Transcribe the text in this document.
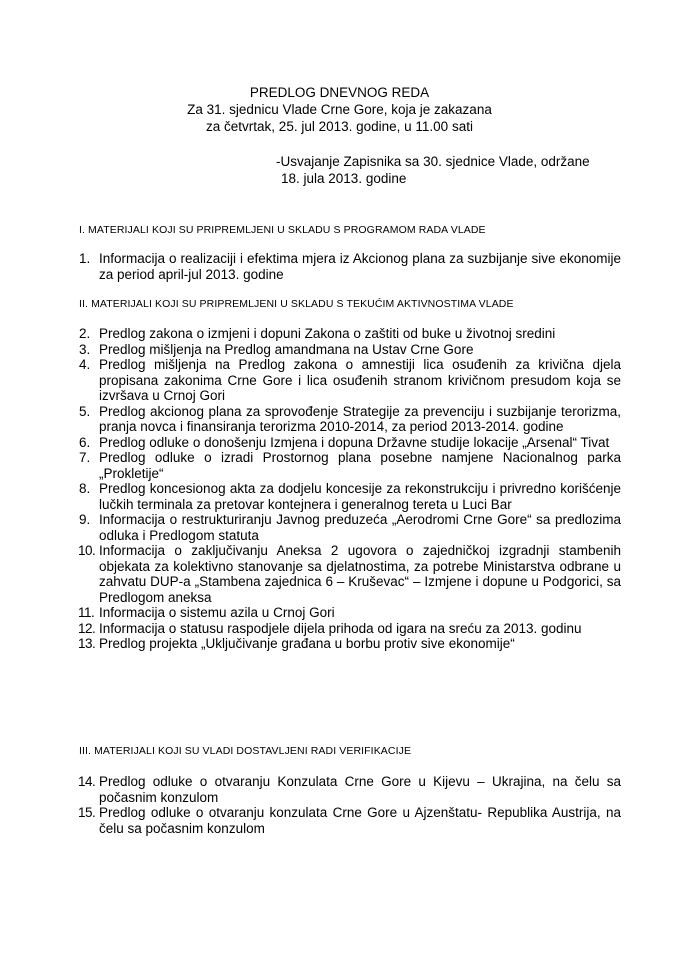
PREDLOG DNEVNOG REDA
Za 31. sjednicu Vlade Crne Gore, koja je zakazana
za četvrtak, 25. jul 2013. godine, u 11.00 sati
-Usvajanje Zapisnika sa 30. sjednice Vlade, održane
18. jula 2013. godine
I. MATERIJALI KOJI SU PRIPREMLJENI U SKLADU S PROGRAMOM RADA VLADE
1. Informacija o realizaciji i efektima mjera iz Akcionog plana za suzbijanje sive ekonomije za period april-jul 2013. godine
II. MATERIJALI KOJI SU PRIPREMLJENI U SKLADU S TEKUĆIM AKTIVNOSTIMA VLADE
2. Predlog zakona o izmjeni i dopuni Zakona o zaštiti od buke u životnoj sredini
3. Predlog mišljenja na Predlog amandmana na Ustav Crne Gore
4. Predlog mišljenja na Predlog zakona o amnestiji lica osuđenih za krivična djela propisana zakonima Crne Gore i lica osuđenih stranom krivičnom presudom koja se izvršava u Crnoj Gori
5. Predlog akcionog plana za sprovođenje Strategije za prevenciju i suzbijanje terorizma, pranja novca i finansiranja terorizma 2010-2014, za period 2013-2014. godine
6. Predlog odluke o donošenju Izmjena i dopuna Državne studije lokacije „Arsenal“ Tivat
7. Predlog odluke o izradi Prostornog plana posebne namjene Nacionalnog parka „Prokletije“
8. Predlog koncesionog akta za dodjelu koncesije za rekonstrukciju i privredno korišćenje lučkih terminala za pretovar kontejnera i generalnog tereta u Luci Bar
9. Informacija o restrukturiranju Javnog preduzeća „Aerodromi Crne Gore“ sa predlozima odluka i Predlogom statuta
10. Informacija o zaključivanju Aneksa 2 ugovora o zajedničkoj izgradnji stambenih objekata za kolektivno stanovanje sa djelatnostima, za potrebe Ministarstva odbrane u zahvatu DUP-a „Stambena zajednica 6 – Kruševac“ – Izmjene i dopune u Podgorici, sa Predlogom aneksa
11. Informacija o sistemu azila u Crnoj Gori
12. Informacija o statusu raspodjele dijela prihoda od igara na sreću za 2013. godinu
13. Predlog projekta „Uključivanje građana u borbu protiv sive ekonomije“
III. MATERIJALI KOJI SU VLADI DOSTAVLJENI RADI VERIFIKACIJE
14. Predlog odluke o otvaranju Konzulata Crne Gore u Kijevu – Ukrajina, na čelu sa počasnim konzulom
15. Predlog odluke o otvaranju konzulata Crne Gore u Ajzenštatu- Republika Austrija, na čelu sa počasnim konzulom
